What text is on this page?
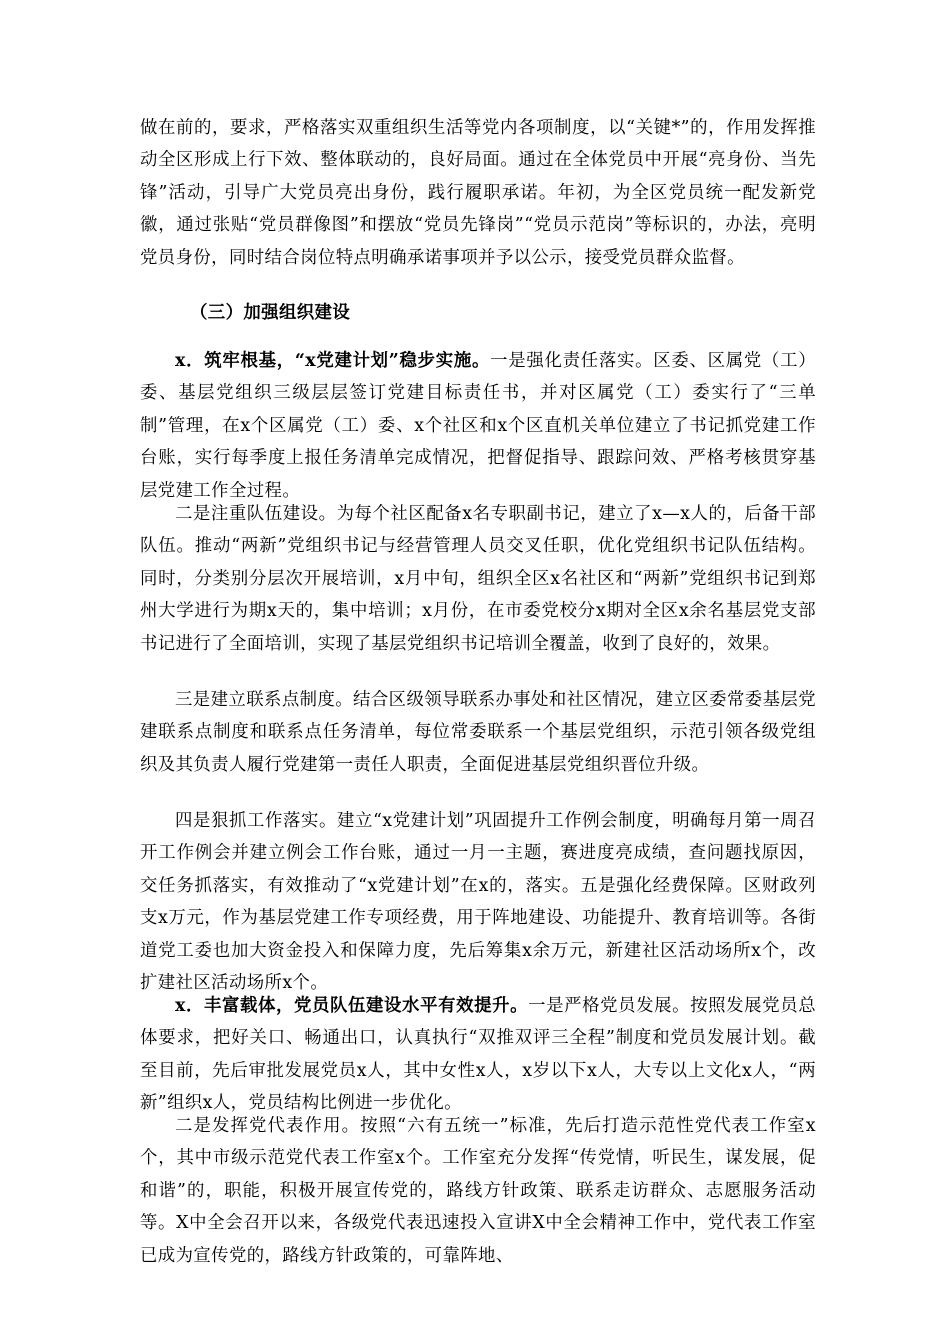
做在前的，要求，严格落实双重组织生活等党内各项制度，以“关键*”的，作用发挥推动全区形成上行下效、整体联动的，良好局面。通过在全体党员中开展“亮身份、当先锋”活动，引导广大党员亮出身份，践行履职承诺。年初，为全区党员统一配发新党徽，通过张贴“党员群像图”和摆放“党员先锋岗”“党员示范岗”等标识的，办法，亮明党员身份，同时结合岗位特点明确承诺事项并予以公示，接受党员群众监督。

（三）加强组织建设

x．筑牢根基，“x党建计划”稳步实施。一是强化责任落实。区委、区属党（工）委、基层党组织三级层层签订党建目标责任书，并对区属党（工）委实行了“三单制”管理，在x个区属党（工）委、x个社区和x个区直机关单位建立了书记抓党建工作台账，实行每季度上报任务清单完成情况，把督促指导、跟踪问效、严格考核贯穿基层党建工作全过程。

二是注重队伍建设。为每个社区配备x名专职副书记，建立了x—x人的，后备干部队伍。推动“两新”党组织书记与经营管理人员交叉任职，优化党组织书记队伍结构。同时，分类别分层次开展培训，x月中旬，组织全区x名社区和“两新”党组织书记到郑州大学进行为期x天的，集中培训；x月份，在市委党校分x期对全区x余名基层党支部书记进行了全面培训，实现了基层党组织书记培训全覆盖，收到了良好的，效果。

三是建立联系点制度。结合区级领导联系办事处和社区情况，建立区委常委基层党建联系点制度和联系点任务清单，每位常委联系一个基层党组织，示范引领各级党组织及其负责人履行党建第一责任人职责，全面促进基层党组织晋位升级。

四是狠抓工作落实。建立“x党建计划”巩固提升工作例会制度，明确每月第一周召开工作例会并建立例会工作台账，通过一月一主题，赛进度亮成绩，查问题找原因，交任务抓落实，有效推动了“x党建计划”在x的，落实。五是强化经费保障。区财政列支x万元，作为基层党建工作专项经费，用于阵地建设、功能提升、教育培训等。各街道党工委也加大资金投入和保障力度，先后筹集x余万元，新建社区活动场所x个，改扩建社区活动场所x个。

x．丰富载体，党员队伍建设水平有效提升。一是严格党员发展。按照发展党员总体要求，把好关口、畅通出口，认真执行“双推双评三全程”制度和党员发展计划。截至目前，先后审批发展党员x人，其中女性x人，x岁以下x人，大专以上文化x人，“两新”组织x人，党员结构比例进一步优化。

二是发挥党代表作用。按照“六有五统一”标准，先后打造示范性党代表工作室x个，其中市级示范党代表工作室x个。工作室充分发挥“传党情，听民生，谋发展，促和谐”的，职能，积极开展宣传党的，路线方针政策、联系走访群众、志愿服务活动等。X中全会召开以来，各级党代表迅速投入宣讲X中全会精神工作中，党代表工作室已成为宣传党的，路线方针政策的，可靠阵地、
